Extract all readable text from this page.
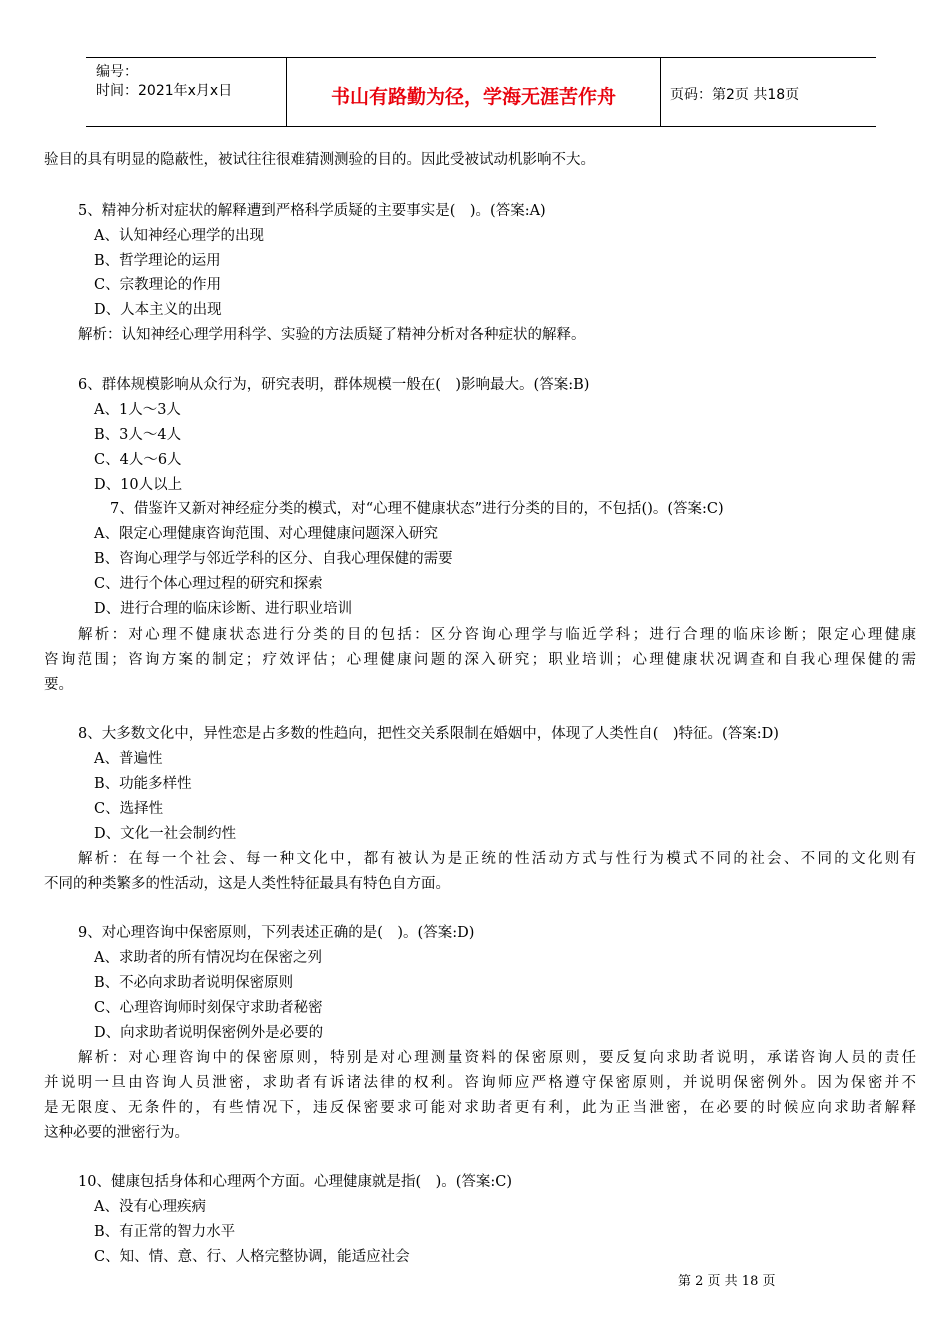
编号：
时间：2021年x月x日	书山有路勤为径，学海无涯苦作舟	页码：第2页 共18页
验目的具有明显的隐蔽性，被试往往很难猜测测验的目的。因此受被试动机影响不大。
5、精神分析对症状的解释遭到严格科学质疑的主要事实是(　)。(答案:A)
A、认知神经心理学的出现
B、哲学理论的运用
C、宗教理论的作用
D、人本主义的出现
解析：认知神经心理学用科学、实验的方法质疑了精神分析对各种症状的解释。
6、群体规模影响从众行为，研究表明，群体规模一般在(　)影响最大。(答案:B)
A、1人～3人
B、3人～4人
C、4人～6人
D、10人以上
7、借鉴许又新对神经症分类的模式，对“心理不健康状态”进行分类的目的，不包括()。(答案:C)
A、限定心理健康咨询范围、对心理健康问题深入研究
B、咨询心理学与邻近学科的区分、自我心理保健的需要
C、进行个体心理过程的研究和探索
D、进行合理的临床诊断、进行职业培训
解析：对心理不健康状态进行分类的目的包括：区分咨询心理学与临近学科；进行合理的临床诊断；限定心理健康
咨询范围；咨询方案的制定；疗效评估；心理健康问题的深入研究；职业培训；心理健康状况调查和自我心理保健的需
要。
8、大多数文化中，异性恋是占多数的性趋向，把性交关系限制在婚姻中，体现了人类性自(　)特征。(答案:D)
A、普遍性
B、功能多样性
C、选择性
D、文化一社会制约性
解析：在每一个社会、每一种文化中，都有被认为是正统的性活动方式与性行为模式不同的社会、不同的文化则有
不同的种类繁多的性活动，这是人类性特征最具有特色自方面。
9、对心理咨询中保密原则，下列表述正确的是(　)。(答案:D)
A、求助者的所有情况均在保密之列
B、不必向求助者说明保密原则
C、心理咨询师时刻保守求助者秘密
D、向求助者说明保密例外是必要的
解析：对心理咨询中的保密原则，特别是对心理测量资料的保密原则，要反复向求助者说明，承诺咨询人员的责任
并说明一旦由咨询人员泄密，求助者有诉诸法律的权利。咨询师应严格遵守保密原则，并说明保密例外。因为保密并不
是无限度、无条件的，有些情况下，违反保密要求可能对求助者更有利，此为正当泄密，在必要的时候应向求助者解释
这种必要的泄密行为。
10、健康包括身体和心理两个方面。心理健康就是指(　)。(答案:C)
A、没有心理疾病
B、有正常的智力水平
C、知、情、意、行、人格完整协调，能适应社会
第 2 页 共 18 页
